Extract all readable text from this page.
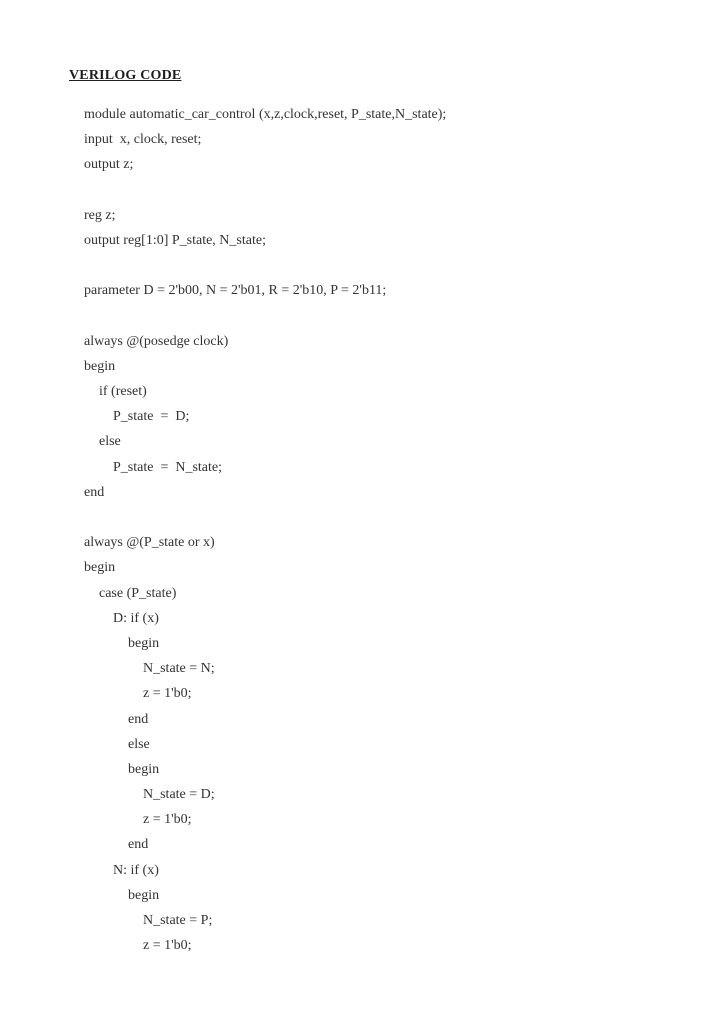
VERILOG CODE
module automatic_car_control (x,z,clock,reset, P_state,N_state);
input  x, clock, reset;
output z;
reg z;
output reg[1:0] P_state, N_state;
parameter D = 2'b00, N = 2'b01, R = 2'b10, P = 2'b11;
always @(posedge clock)
begin
if (reset)
P_state  =  D;
else
P_state  =  N_state;
end
always @(P_state or x)
begin
case (P_state)
D: if (x)
begin
N_state = N;
z = 1'b0;
end
else
begin
N_state = D;
z = 1'b0;
end
N: if (x)
begin
N_state = P;
z = 1'b0;
